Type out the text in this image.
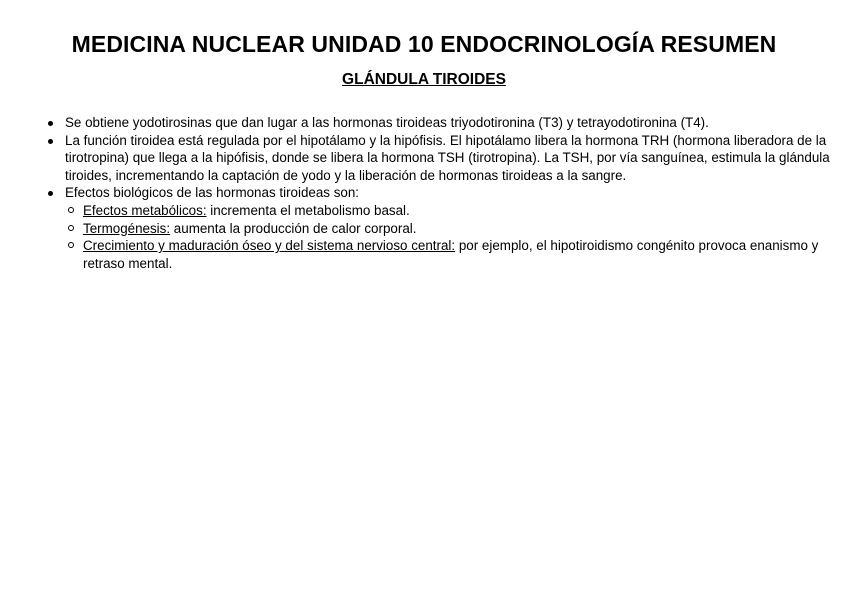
MEDICINA NUCLEAR UNIDAD 10 ENDOCRINOLOGÍA RESUMEN
GLÁNDULA TIROIDES
Se obtiene yodotirosinas que dan lugar a las hormonas tiroideas triyodotironina (T3) y tetrayodotironina (T4).
La función tiroidea está regulada por el hipotálamo y la hipófisis. El hipotálamo libera la hormona TRH (hormona liberadora de la tirotropina) que llega a la hipófisis, donde se libera la hormona TSH (tirotropina). La TSH, por vía sanguínea, estimula la glándula tiroides, incrementando la captación de yodo y la liberación de hormonas tiroideas a la sangre.
Efectos biológicos de las hormonas tiroideas son:
Efectos metabólicos: incrementa el metabolismo basal.
Termogénesis: aumenta la producción de calor corporal.
Crecimiento y maduración óseo y del sistema nervioso central: por ejemplo, el hipotiroidismo congénito provoca enanismo y retraso mental.
